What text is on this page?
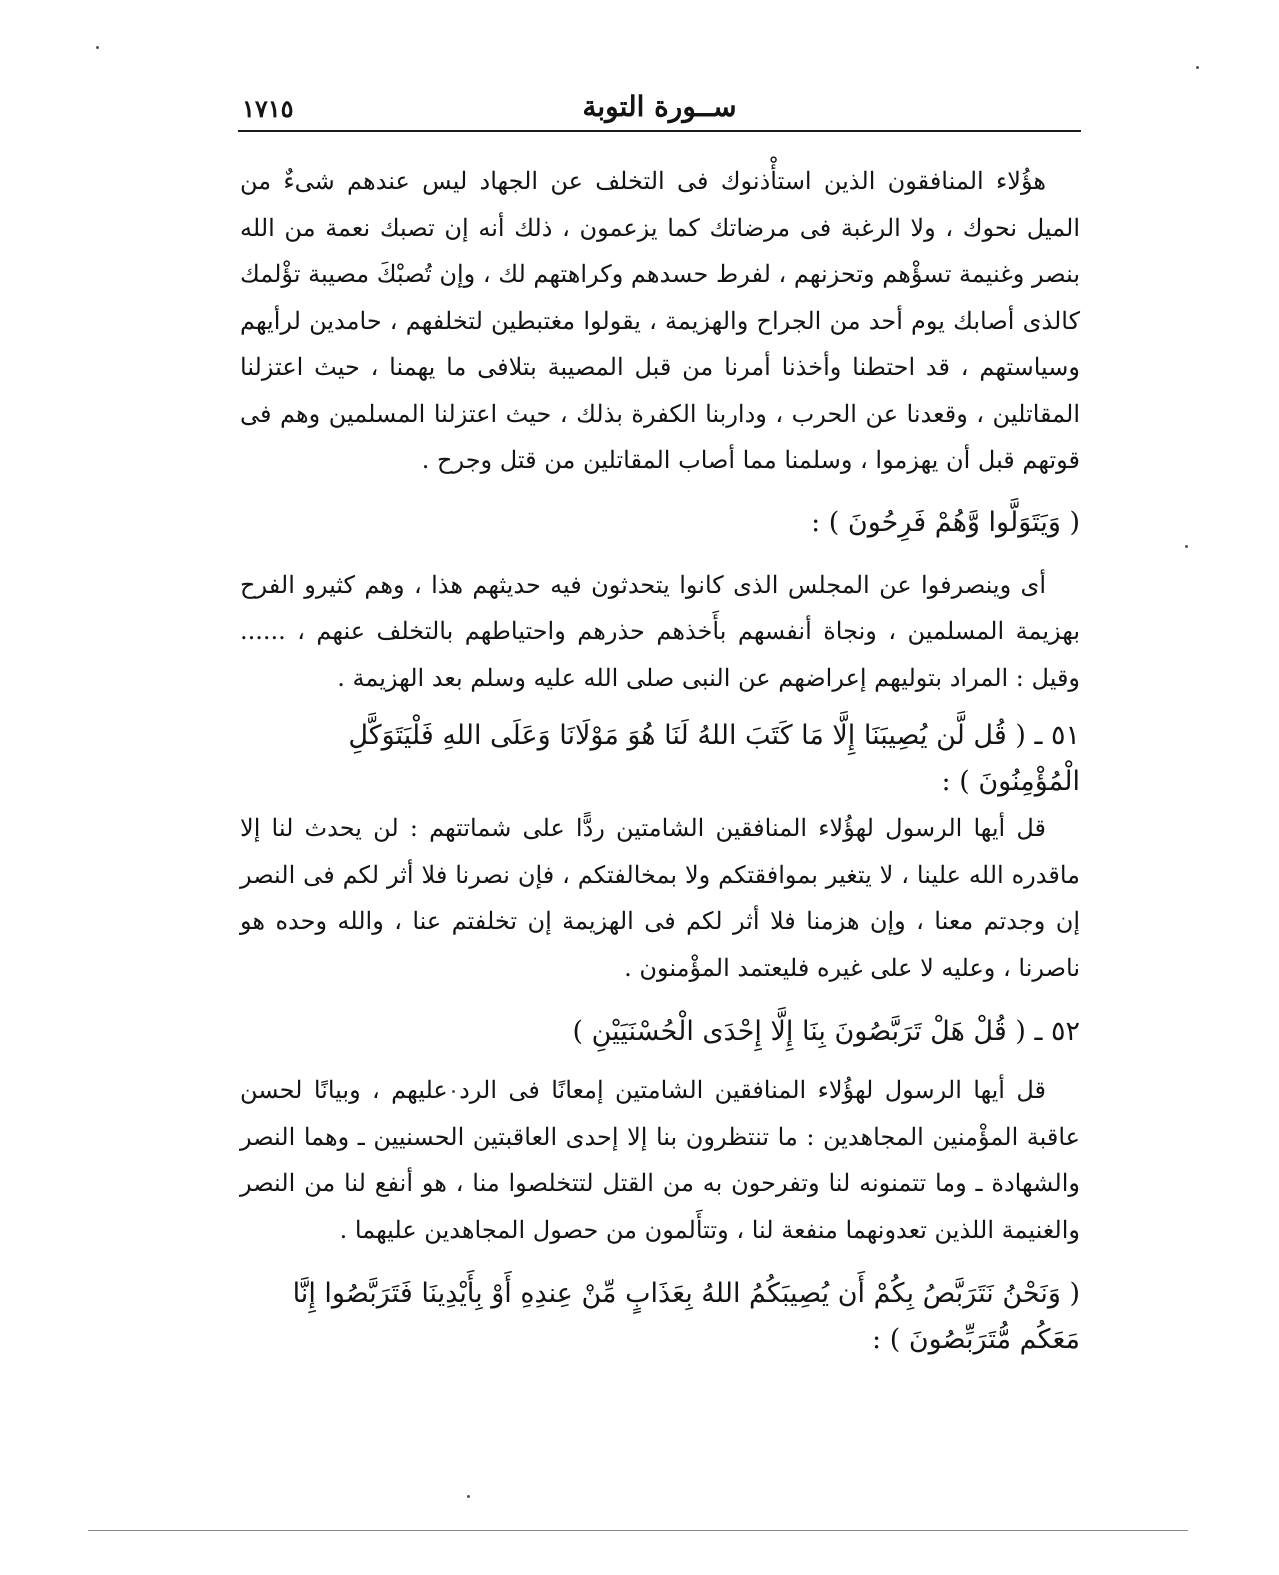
١٧١٥	ســورة التوبة

هؤُلاء المنافقون الذين استأْذنوك فى التخلف عن الجهاد ليس عندهم شىءٌ من الميل نحوك ، ولا الرغبة فى مرضاتك كما يزعمون ، ذلك أنه إن تصبك نعمة من الله بنصر وغنيمة تسؤْهم وتحزنهم ، لفرط حسدهم وكراهتهم لك ، وإن تُصبْكَ مصيبة تؤْلمك كالذى أصابك يوم أحد من الجراح والهزيمة ، يقولوا مغتبطين لتخلفهم ، حامدين لرأيهم وسياستهم ، قد احتطنا وأخذنا أمرنا من قبل المصيبة بتلافى ما يهمنا ، حيث اعتزلنا المقاتلين ، وقعدنا عن الحرب ، وداربنا الكفرة بذلك ، حيث اعتزلنا المسلمين وهم فى قوتهم قبل أن يهزموا ، وسلمنا مما أصاب المقاتلين من قتل وجرح .

( وَيَتَوَلَّوا وَّهُمْ فَرِحُونَ ) :

أى وينصرفوا عن المجلس الذى كانوا يتحدثون فيه حديثهم هذا ، وهم كثيرو الفرح بهزيمة المسلمين ، ونجاة أنفسهم بأَخذهم حذرهم واحتياطهم بالتخلف عنهم ، ...... وقيل : المراد بتوليهم إعراضهم عن النبى صلى الله عليه وسلم بعد الهزيمة .

٥١ ـ ( قُل لَّن يُصِيبَنَا إِلَّا مَا كَتَبَ اللهُ لَنَا هُوَ مَوْلَانَا وَعَلَى اللهِ فَلْيَتَوَكَّلِ الْمُؤْمِنُونَ ) :

قل أيها الرسول لهؤُلاء المنافقين الشامتين ردًّا على شماتتهم : لن يحدث لنا إلا ماقدره الله علينا ، لا يتغير بموافقتكم ولا بمخالفتكم ، فإن نصرنا فلا أثر لكم فى النصر إن وجدتم معنا ، وإن هزمنا فلا أثر لكم فى الهزيمة إن تخلفتم عنا ، والله وحده هو ناصرنا ، وعليه لا على غيره فليعتمد المؤْمنون .

٥٢ ـ ( قُلْ هَلْ تَرَبَّصُونَ بِنَا إِلَّا إِحْدَى الْحُسْنَيَيْنِ )

قل أيها الرسول لهؤُلاء المنافقين الشامتين إمعانًا فى الرد عليهم ، وبيانًا لحسن عاقبة المؤْمنين المجاهدين : ما تنتظرون بنا إلا إحدى العاقبتين الحسنيين ـ وهما النصر والشهادة ـ وما تتمنونه لنا وتفرحون به من القتل لتتخلصوا منا ، هو أنفع لنا من النصر والغنيمة اللذين تعدونهما منفعة لنا ، وتتأَلمون من حصول المجاهدين عليهما .

( وَنَحْنُ نَتَرَبَّصُ بِكُمْ أَن يُصِيبَكُمُ اللهُ بِعَذَابٍ مِّنْ عِندِهِ أَوْ بِأَيْدِينَا فَتَرَبَّصُوا إِنَّا مَعَكُم مُّتَرَبِّصُونَ ) :
